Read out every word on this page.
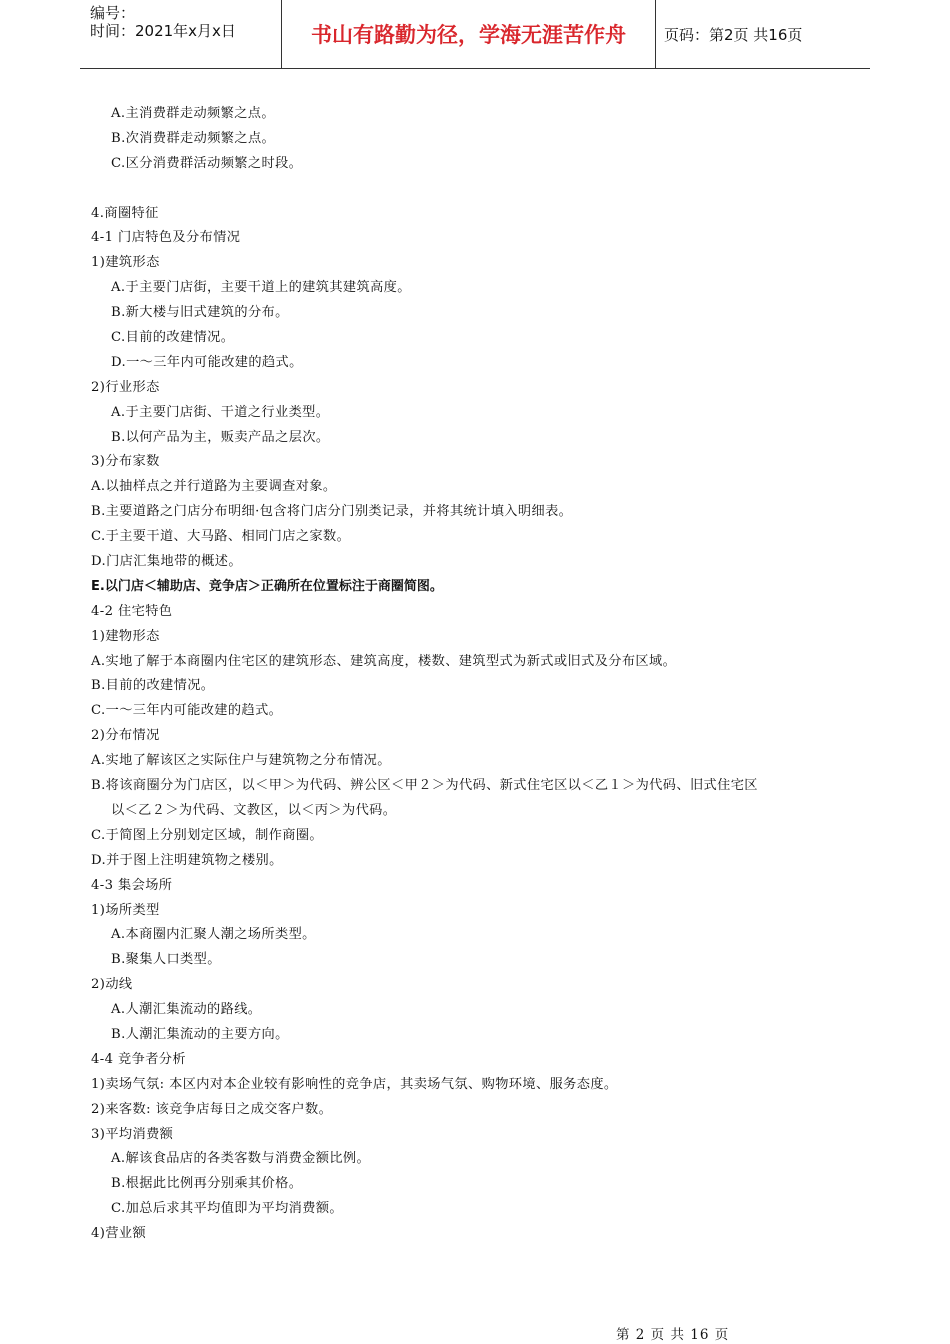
编号：
时间：2021年x月x日	书山有路勤为径，学海无涯苦作舟	页码：第2页 共16页
A.主消费群走动频繁之点。
B.次消费群走动频繁之点。
C.区分消费群活动频繁之时段。
4.商圈特征
4-1 门店特色及分布情况
1)建筑形态
A.于主要门店街，主要干道上的建筑其建筑高度。
B.新大楼与旧式建筑的分布。
C.目前的改建情况。
D.一～三年内可能改建的趋式。
2)行业形态
A.于主要门店街、干道之行业类型。
B.以何产品为主，贩卖产品之层次。
3)分布家数
A.以抽样点之并行道路为主要调查对象。
B.主要道路之门店分布明细·包含将门店分门别类记录，并将其统计填入明细表。
C.于主要干道、大马路、相同门店之家数。
D.门店汇集地带的概述。
E.以门店＜辅助店、竞争店＞正确所在位置标注于商圈简图。
4-2 住宅特色
1)建物形态
A.实地了解于本商圈内住宅区的建筑形态、建筑高度，楼数、建筑型式为新式或旧式及分布区域。
B.目前的改建情况。
C.一～三年内可能改建的趋式。
2)分布情况
A.实地了解该区之实际住户与建筑物之分布情况。
B.将该商圈分为门店区，以＜甲＞为代码、辨公区＜甲２＞为代码、新式住宅区以＜乙１＞为代码、旧式住宅区
以＜乙２＞为代码、文教区，以＜丙＞为代码。
C.于简图上分别划定区域，制作商圈。
D.并于图上注明建筑物之楼别。
4-3 集会场所
1)场所类型
A.本商圈内汇聚人潮之场所类型。
B.聚集人口类型。
2)动线
A.人潮汇集流动的路线。
B.人潮汇集流动的主要方向。
4-4 竞争者分析
1)卖场气氛: 本区内对本企业较有影响性的竞争店，其卖场气氛、购物环境、服务态度。
2)来客数: 该竞争店每日之成交客户数。
3)平均消费额
A.解该食品店的各类客数与消费金额比例。
B.根据此比例再分别乘其价格。
C.加总后求其平均值即为平均消费额。
4)营业额
第 2 页 共 16 页
